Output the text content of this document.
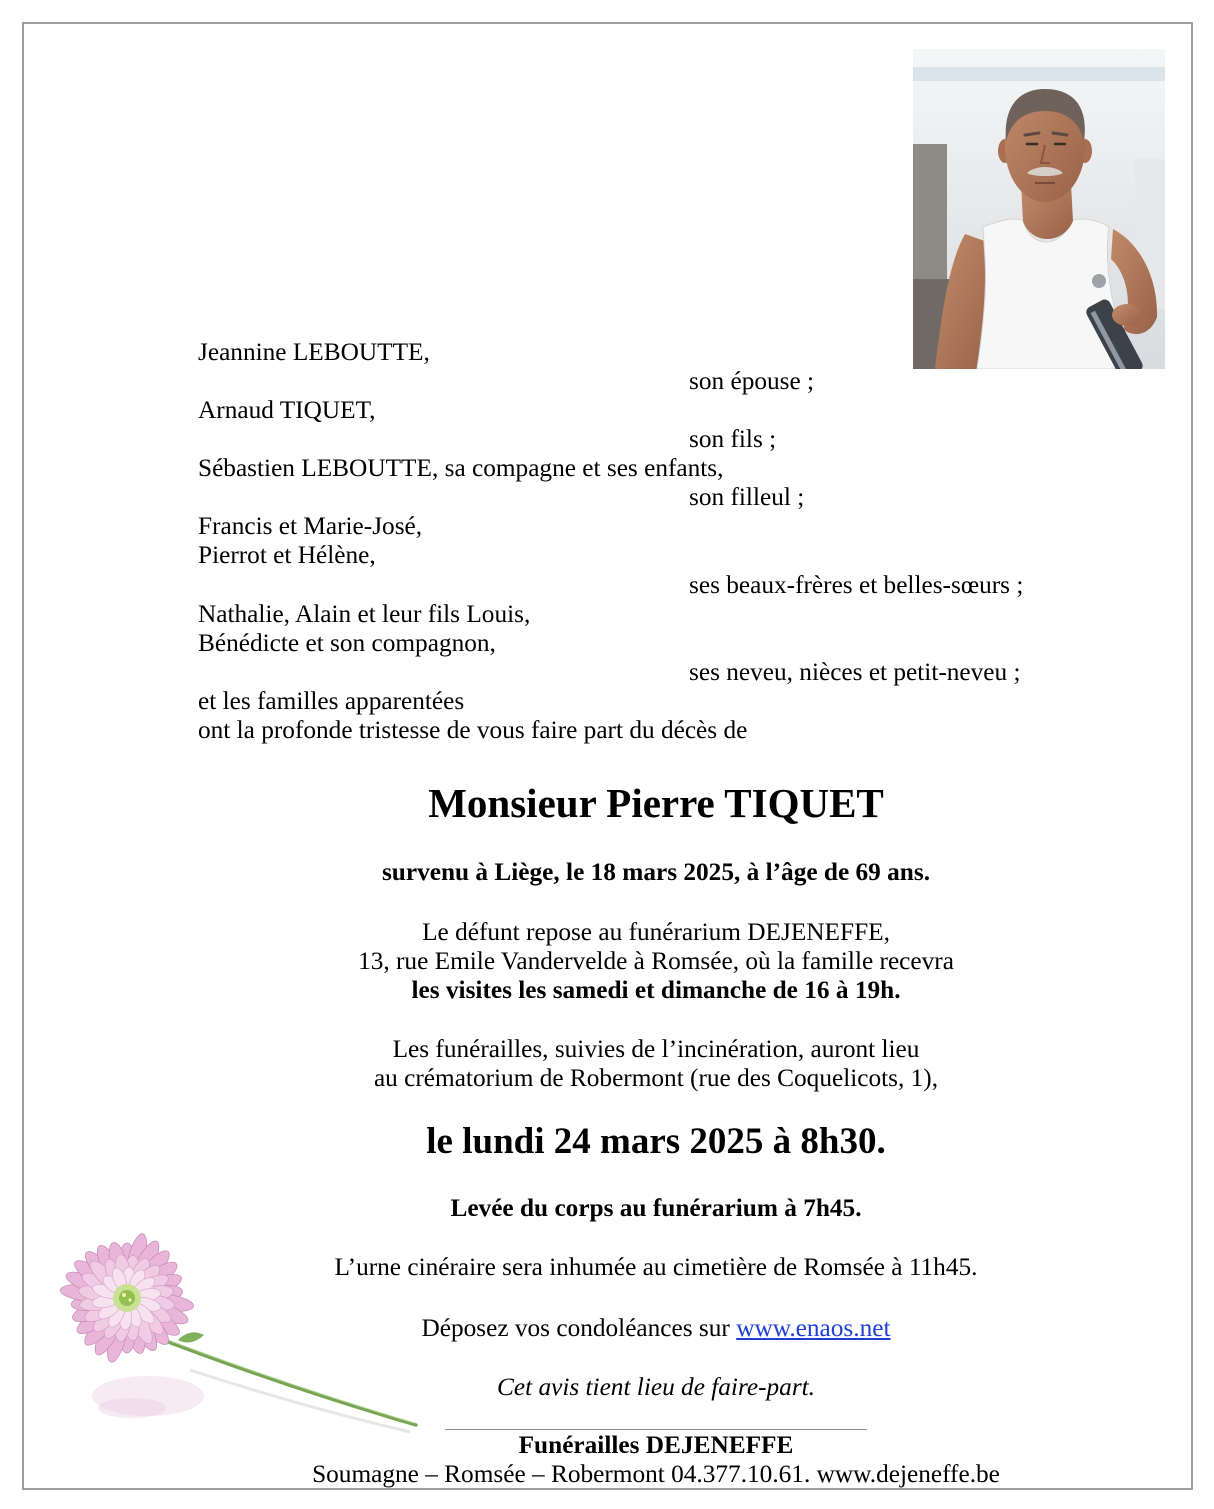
Jeannine LEBOUTTE,
son épouse ;
Arnaud TIQUET,
son fils ;
Sébastien LEBOUTTE, sa compagne et ses enfants,
son filleul ;
Francis et Marie-José,
Pierrot et Hélène,
ses beaux-frères et belles-sœurs ;
Nathalie, Alain et leur fils Louis,
Bénédicte et son compagnon,
ses neveu, nièces et petit-neveu ;
et les familles apparentées
ont la profonde tristesse de vous faire part du décès de
Monsieur Pierre TIQUET
survenu à Liège, le 18 mars 2025, à l’âge de 69 ans.
Le défunt repose au funérarium DEJENEFFE,
13, rue Emile Vandervelde à Romsée, où la famille recevra
les visites les samedi et dimanche de 16 à 19h.
Les funérailles, suivies de l’incinération, auront lieu
au crématorium de Robermont (rue des Coquelicots, 1),
le lundi 24 mars 2025 à 8h30.
Levée du corps au funérarium à 7h45.
L’urne cinéraire sera inhumée au cimetière de Romsée à 11h45.
Déposez vos condoléances sur www.enaos.net
Cet avis tient lieu de faire-part.
Funérailles DEJENEFFE
Soumagne – Romsée – Robermont 04.377.10.61. www.dejeneffe.be
